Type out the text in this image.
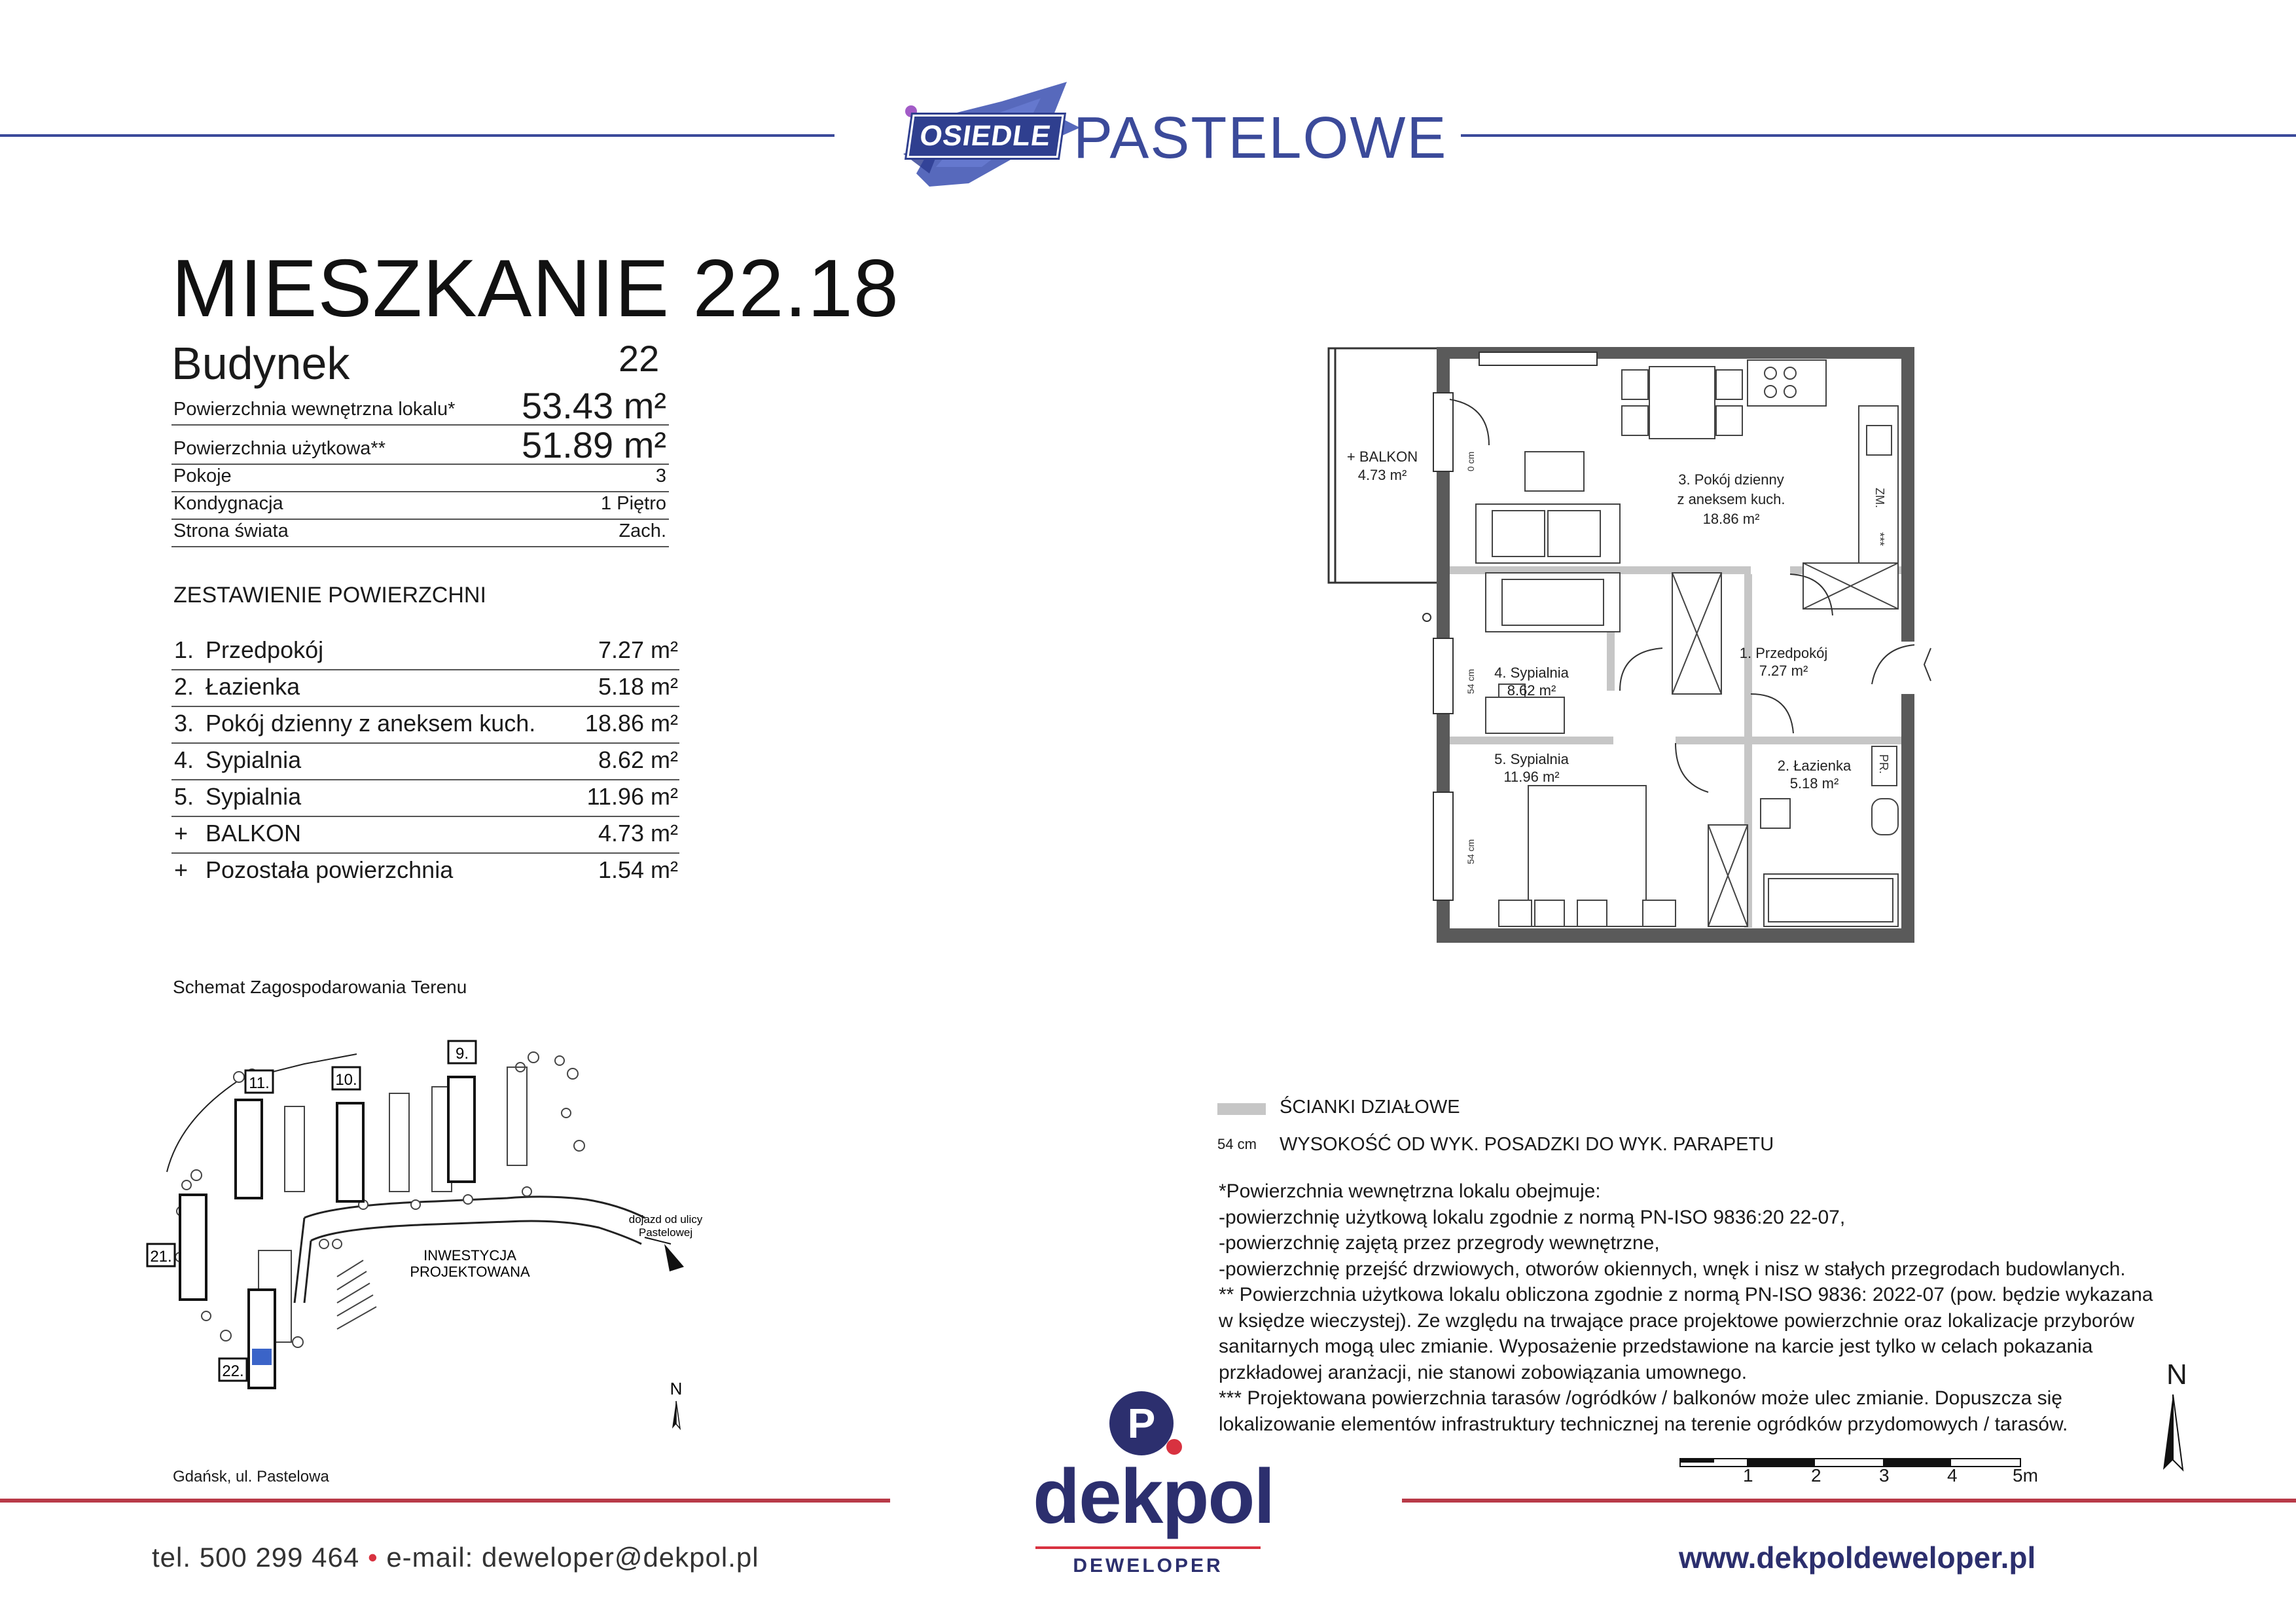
OSIEDLE PASTELOWE
MIESZKANIE 22.18
Budynek	22
Powierzchnia wewnętrzna lokalu* 53.43 m²
Powierzchnia użytkowa**	51.89 m²
Pokoje	3
Kondygnacja	1 Piętro
Strona świata	Zach.
ZESTAWIENIE POWIERZCHNI
1. Przedpokój	7.27 m²
2. Łazienka	5.18 m²
3. Pokój dzienny z aneksem kuch. 18.86 m²
4. Sypialnia	8.62 m²
5. Sypialnia	11.96 m²
+ BALKON	4.73 m²
+ Pozostała powierzchnia	1.54 m²
Schemat Zagospodarowania Terenu
11.	10.
9.
21.
22.
INWESTYCJA
PROJEKTOWANA
dojazd od ulicy
Pastelowej
N
Gdańsk, ul. Pastelowa
+ BALKON
4.73 m²	3. Pokój dzienny
z aneksem kuch.
18.86 m²
1. Przedpokój
7.27 m²
4. Sypialnia
8.62 m²
5. Sypialnia
11.96 m²
2. Łazienka
5.18 m²
0 cm
54 cm
54 cm
ZM.
***
PR.
ŚCIANKI DZIAŁOWE
54 cm WYSOKOŚĆ OD WYK. POSADZKI DO WYK. PARAPETU
*Powierzchnia wewnętrzna lokalu obejmuje:
-powierzchnię użytkową lokalu zgodnie z normą PN-ISO 9836:20 22-07,
-powierzchnię zajętą przez przegrody wewnętrzne,
-powierzchnię przejść drzwiowych, otworów okiennych, wnęk i nisz w stałych przegrodach budowlanych.
** Powierzchnia użytkowa lokalu obliczona zgodnie z normą PN-ISO 9836: 2022-07 (pow. będzie wykazana
w księdze wieczystej). Ze względu na trwające prace projektowe powierzchnie oraz lokalizacje przyborów
sanitarnych mogą ulec zmianie. Wyposażenie przedstawione na karcie jest tylko w celach pokazania
przkładowej aranżacji, nie stanowi zobowiązania umownego.
*** Projektowana powierzchnia tarasów /ogródków / balkonów może ulec zmianie. Dopuszcza się
lokalizowanie elementów infrastruktury technicznej na terenie ogródków przydomowych / tarasów.
N
1	2	3	4	5m
P
dekpol
DEWELOPER
tel. 500 299 464 • e-mail: deweloper@dekpol.pl	www.dekpoldeweloper.pl
